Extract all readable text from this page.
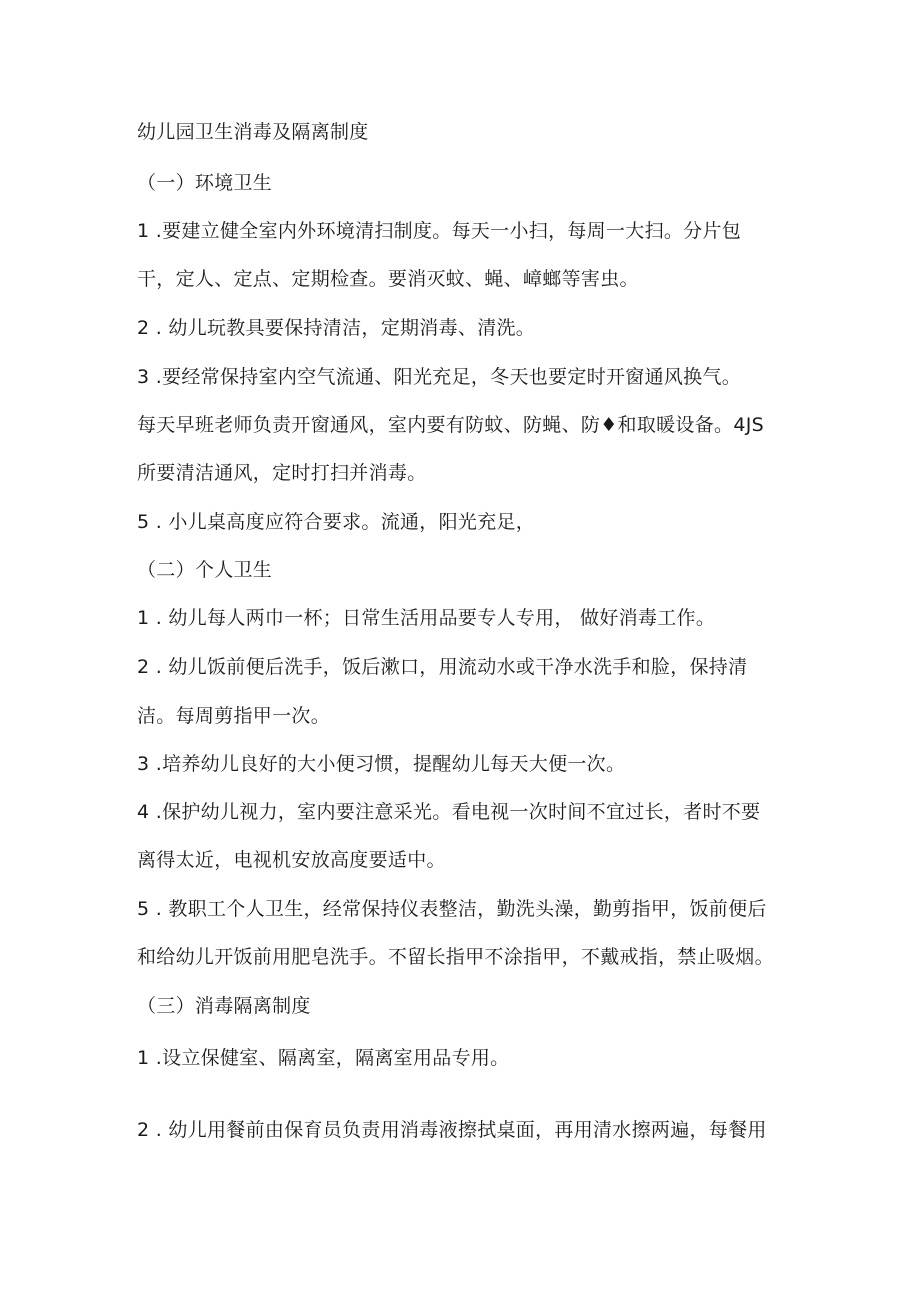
幼儿园卫生消毒及隔离制度
（一）环境卫生
1 .要建立健全室内外环境清扫制度。每天一小扫，每周一大扫。分片包
干，定人、定点、定期检查。要消灭蚊、蝇、嶂螂等害虫。
2 . 幼儿玩教具要保持清洁，定期消毒、清洗。
3 .要经常保持室内空气流通、阳光充足，冬天也要定时开窗通风换气。
每天早班老师负责开窗通风，室内要有防蚊、防蝇、防♦和取暖设备。4JS
所要清洁通风，定时打扫并消毒。
5 . 小儿桌高度应符合要求。流通，阳光充足，
（二）个人卫生
1 . 幼儿每人两巾一杯；日常生活用品要专人专用， 做好消毒工作。
2 . 幼儿饭前便后洗手，饭后漱口，用流动水或干净水洗手和脸，保持清
洁。每周剪指甲一次。
3 .培养幼儿良好的大小便习惯，提醒幼儿每天大便一次。
4 .保护幼儿视力，室内要注意采光。看电视一次时间不宜过长，者时不要
离得太近，电视机安放高度要适中。
5 . 教职工个人卫生，经常保持仪表整洁，勤洗头澡，勤剪指甲，饭前便后
和给幼儿开饭前用肥皂洗手。不留长指甲不涂指甲，不戴戒指，禁止吸烟。
（三）消毒隔离制度
1 .设立保健室、隔离室，隔离室用品专用。
2 . 幼儿用餐前由保育员负责用消毒液擦拭桌面，再用清水擦两遍，每餐用
